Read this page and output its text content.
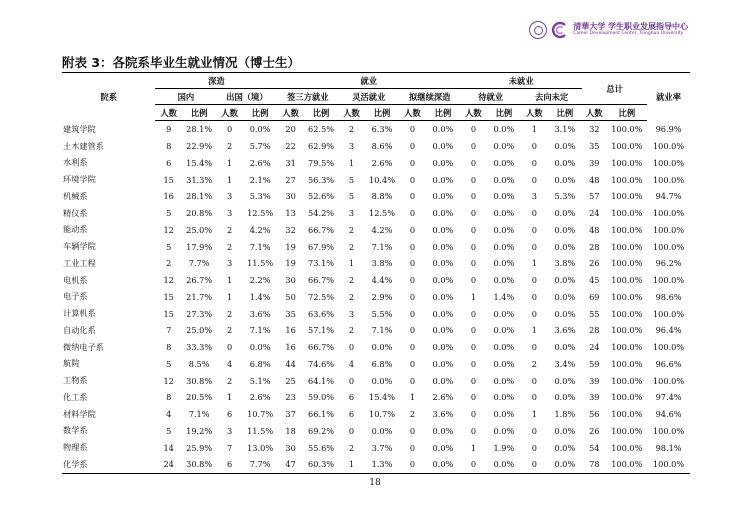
清華大学 学生职业发展指导中心
Career Development Center, Tsinghua University
附表 3：各院系毕业生就业情况（博士生）
院系	深造				就业						未就业				总计		就业率
	国内		出国（境）		签三方就业		灵活就业		拟继续深造		待就业		去向未定				
	人数	比例	人数	比例	人数	比例	人数	比例	人数	比例	人数	比例	人数	比例	人数	比例	
建筑学院	9	28.1%	0	0.0%	20	62.5%	2	6.3%	0	0.0%	0	0.0%	1	3.1%	32	100.0%	96.9%
土木建管系	8	22.9%	2	5.7%	22	62.9%	3	8.6%	0	0.0%	0	0.0%	0	0.0%	35	100.0%	100.0%
水利系	6	15.4%	1	2.6%	31	79.5%	1	2.6%	0	0.0%	0	0.0%	0	0.0%	39	100.0%	100.0%
环境学院	15	31.3%	1	2.1%	27	56.3%	5	10.4%	0	0.0%	0	0.0%	0	0.0%	48	100.0%	100.0%
机械系	16	28.1%	3	5.3%	30	52.6%	5	8.8%	0	0.0%	0	0.0%	3	5.3%	57	100.0%	94.7%
精仪系	5	20.8%	3	12.5%	13	54.2%	3	12.5%	0	0.0%	0	0.0%	0	0.0%	24	100.0%	100.0%
能动系	12	25.0%	2	4.2%	32	66.7%	2	4.2%	0	0.0%	0	0.0%	0	0.0%	48	100.0%	100.0%
车辆学院	5	17.9%	2	7.1%	19	67.9%	2	7.1%	0	0.0%	0	0.0%	0	0.0%	28	100.0%	100.0%
工业工程	2	7.7%	3	11.5%	19	73.1%	1	3.8%	0	0.0%	0	0.0%	1	3.8%	26	100.0%	96.2%
电机系	12	26.7%	1	2.2%	30	66.7%	2	4.4%	0	0.0%	0	0.0%	0	0.0%	45	100.0%	100.0%
电子系	15	21.7%	1	1.4%	50	72.5%	2	2.9%	0	0.0%	1	1.4%	0	0.0%	69	100.0%	98.6%
计算机系	15	27.3%	2	3.6%	35	63.6%	3	5.5%	0	0.0%	0	0.0%	0	0.0%	55	100.0%	100.0%
自动化系	7	25.0%	2	7.1%	16	57.1%	2	7.1%	0	0.0%	0	0.0%	1	3.6%	28	100.0%	96.4%
微纳电子系	8	33.3%	0	0.0%	16	66.7%	0	0.0%	0	0.0%	0	0.0%	0	0.0%	24	100.0%	100.0%
航院	5	8.5%	4	6.8%	44	74.6%	4	6.8%	0	0.0%	0	0.0%	2	3.4%	59	100.0%	96.6%
工物系	12	30.8%	2	5.1%	25	64.1%	0	0.0%	0	0.0%	0	0.0%	0	0.0%	39	100.0%	100.0%
化工系	8	20.5%	1	2.6%	23	59.0%	6	15.4%	1	2.6%	0	0.0%	0	0.0%	39	100.0%	97.4%
材料学院	4	7.1%	6	10.7%	37	66.1%	6	10.7%	2	3.6%	0	0.0%	1	1.8%	56	100.0%	94.6%
数学系	5	19.2%	3	11.5%	18	69.2%	0	0.0%	0	0.0%	0	0.0%	0	0.0%	26	100.0%	100.0%
物理系	14	25.9%	7	13.0%	30	55.6%	2	3.7%	0	0.0%	1	1.9%	0	0.0%	54	100.0%	98.1%
化学系	24	30.8%	6	7.7%	47	60.3%	1	1.3%	0	0.0%	0	0.0%	0	0.0%	78	100.0%	100.0%
18
